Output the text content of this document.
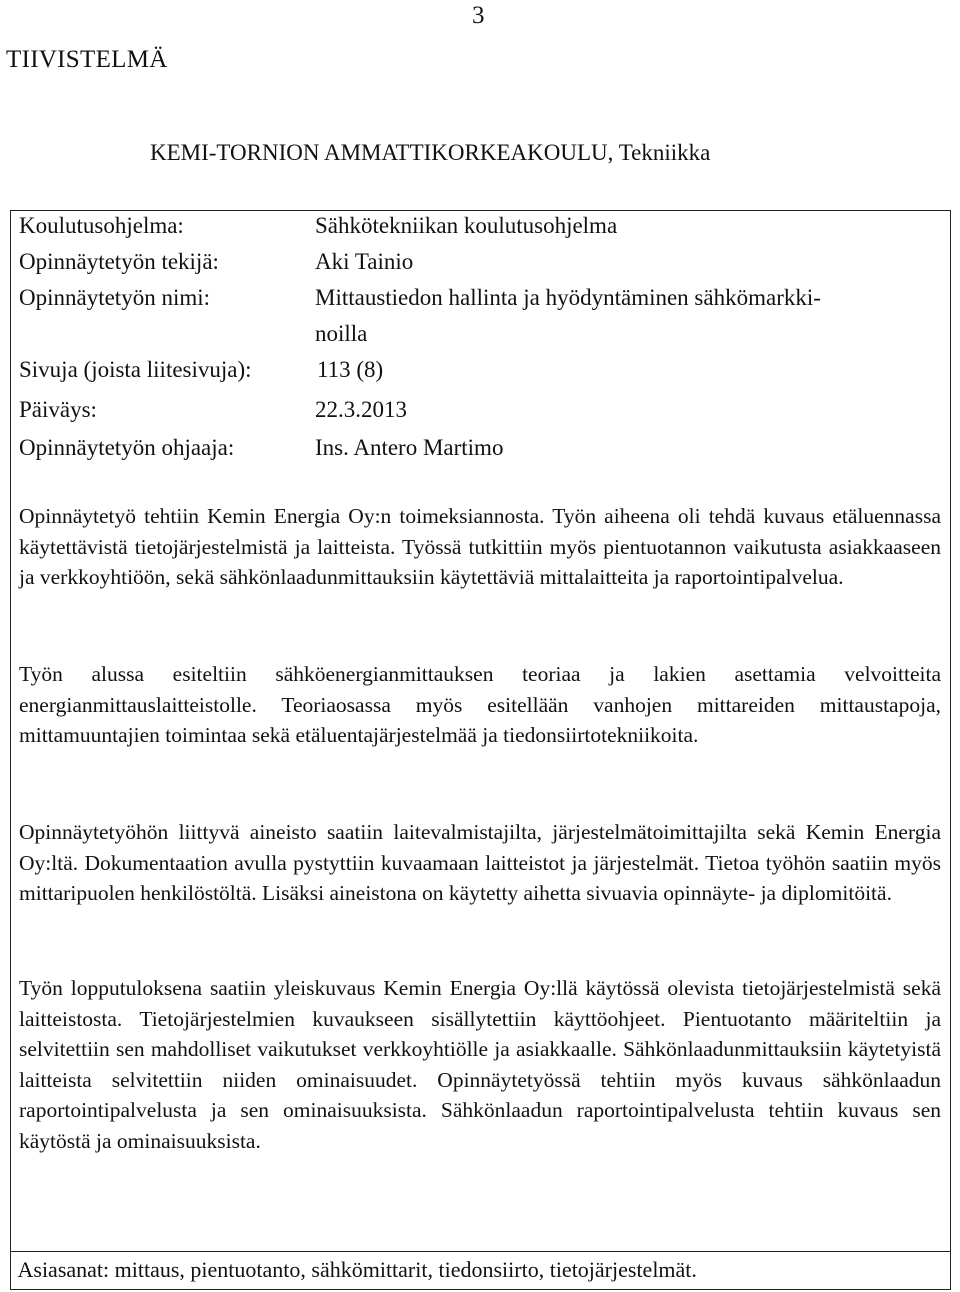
3
TIIVISTELMÄ
KEMI-TORNION AMMATTIKORKEAKOULU, Tekniikka
Koulutusohjelma:	Sähkötekniikan koulutusohjelma
Opinnäytetyön tekijä:	Aki Tainio
Opinnäytetyön nimi:	Mittaustiedon hallinta ja hyödyntäminen sähkömarkki-
noilla
Sivuja (joista liitesivuja):	113 (8)
Päiväys:	22.3.2013
Opinnäytetyön ohjaaja:	Ins. Antero Martimo

Opinnäytetyö tehtiin Kemin Energia Oy:n toimeksiannosta. Työn aiheena oli tehdä kuvaus etäluennassa käytettävistä tietojärjestelmistä ja laitteista. Työssä tutkittiin myös pientuotannon vaikutusta asiakkaaseen ja verkkoyhtiöön, sekä sähkönlaadunmittauksiin käytettäviä mittalaitteita ja raportointipalvelua.

Työn alussa esiteltiin sähköenergianmittauksen teoriaa ja lakien asettamia velvoitteita energianmittauslaitteistolle. Teoriaosassa myös esitellään vanhojen mittareiden mittaustapoja, mittamuuntajien toimintaa sekä etäluentajärjestelmää ja tiedonsiirtotekniikoita.

Opinnäytetyöhön liittyvä aineisto saatiin laitevalmistajilta, järjestelmätoimittajilta sekä Kemin Energia Oy:ltä. Dokumentaation avulla pystyttiin kuvaamaan laitteistot ja järjestelmät. Tietoa työhön saatiin myös mittaripuolen henkilöstöltä. Lisäksi aineistona on käytetty aihetta sivuavia opinnäyte- ja diplomitöitä.

Työn lopputuloksena saatiin yleiskuvaus Kemin Energia Oy:llä käytössä olevista tietojärjestelmistä sekä laitteistosta. Tietojärjestelmien kuvaukseen sisällytettiin käyttöohjeet. Pientuotanto määriteltiin ja selvitettiin sen mahdolliset vaikutukset verkkoyhtiölle ja asiakkaalle. Sähkönlaadunmittauksiin käytetyistä laitteista selvitettiin niiden ominaisuudet. Opinnäytetyössä tehtiin myös kuvaus sähkönlaadun raportointipalvelusta ja sen ominaisuuksista. Sähkönlaadun raportointipalvelusta tehtiin kuvaus sen käytöstä ja ominaisuuksista.

Asiasanat: mittaus, pientuotanto, sähkömittarit, tiedonsiirto, tietojärjestelmät.
